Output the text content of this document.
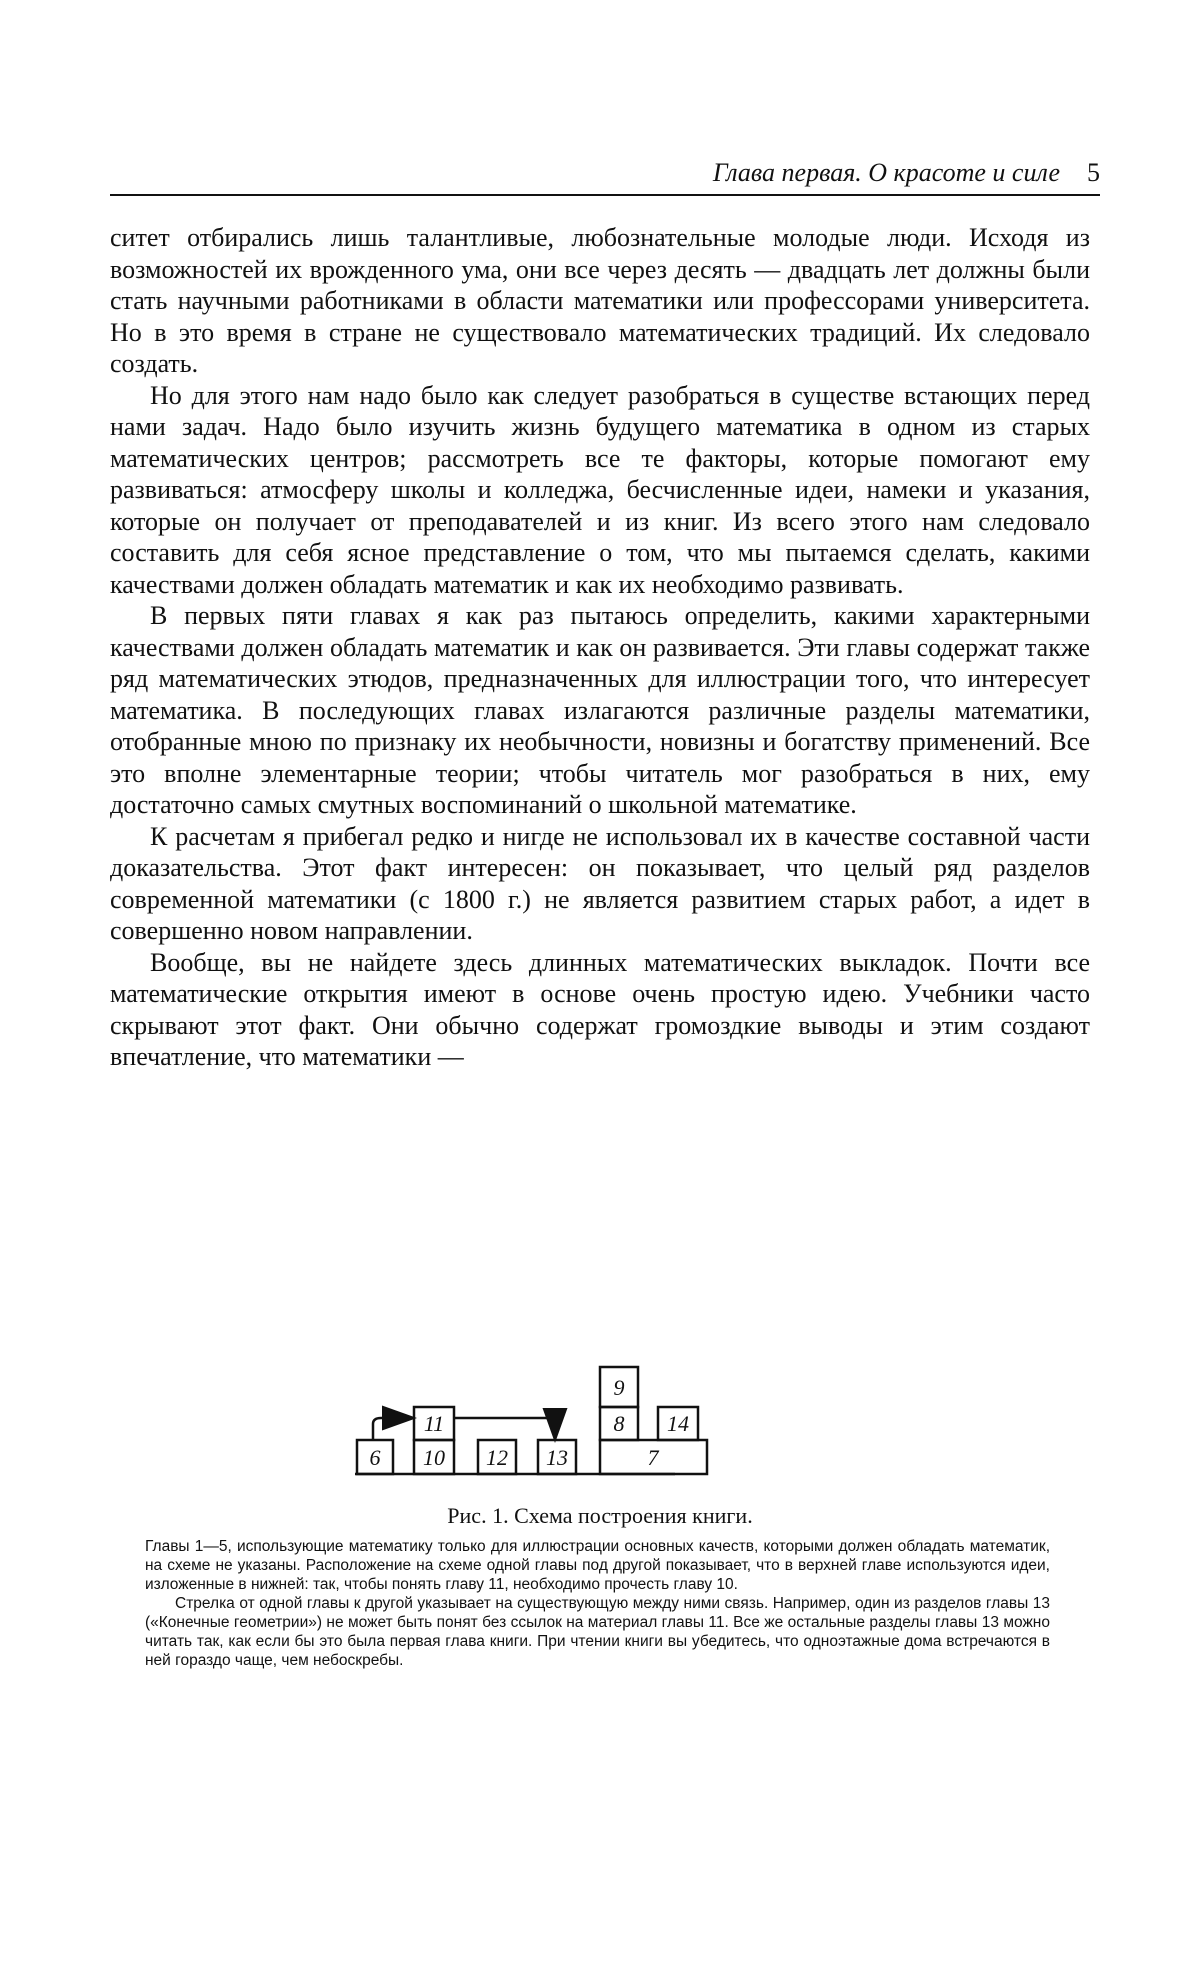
Глава первая. О красоте и силе 5

ситет отбирались лишь талантливые, любознательные молодые люди. Исходя из возможностей их врожденного ума, они все через десять — двадцать лет должны были стать научными работниками в области математики или профессорами университета. Но в это время в стране не существовало математических традиций. Их следовало создать.

Но для этого нам надо было как следует разобраться в существе встающих перед нами задач. Надо было изучить жизнь будущего математика в одном из старых математических центров; рассмотреть все те факторы, которые помогают ему развиваться: атмосферу школы и колледжа, бесчисленные идеи, намеки и указания, которые он получает от преподавателей и из книг. Из всего этого нам следовало составить для себя ясное представление о том, что мы пытаемся сделать, какими качествами должен обладать математик и как их необходимо развивать.

В первых пяти главах я как раз пытаюсь определить, какими характерными качествами должен обладать математик и как он развивается. Эти главы содержат также ряд математических этюдов, предназначенных для иллюстрации того, что интересует математика. В последующих главах излагаются различные разделы математики, отобранные мною по признаку их необычности, новизны и богатству применений. Все это вполне элементарные теории; чтобы читатель мог разобраться в них, ему достаточно самых смутных воспоминаний о школьной математике.

К расчетам я прибегал редко и нигде не использовал их в качестве составной части доказательства. Этот факт интересен: он показывает, что целый ряд разделов современной математики (с 1800 г.) не является развитием старых работ, а идет в совершенно новом направлении.

Вообще, вы не найдете здесь длинных математических выкладок. Почти все математические открытия имеют в основе очень простую идею. Учебники часто скрывают этот факт. Они обычно содержат громоздкие выводы и этим создают впечатление, что математики —

6
11
10 12 13
9
8 14
7
Рис. 1. Схема построения книги.

Главы 1—5, использующие математику только для иллюстрации основных качеств, которыми должен обладать математик, на схеме не указаны. Расположение на схеме одной главы под другой показывает, что в верхней главе используются идеи, изложенные в нижней: так, чтобы понять главу 11, необходимо прочесть главу 10.

Стрелка от одной главы к другой указывает на существующую между ними связь. Например, один из разделов главы 13 («Конечные геометрии») не может быть понят без ссылок на материал главы 11. Все же остальные разделы главы 13 можно читать так, как если бы это была первая глава книги. При чтении книги вы убедитесь, что одноэтажные дома встречаются в ней гораздо чаще, чем небоскребы.
